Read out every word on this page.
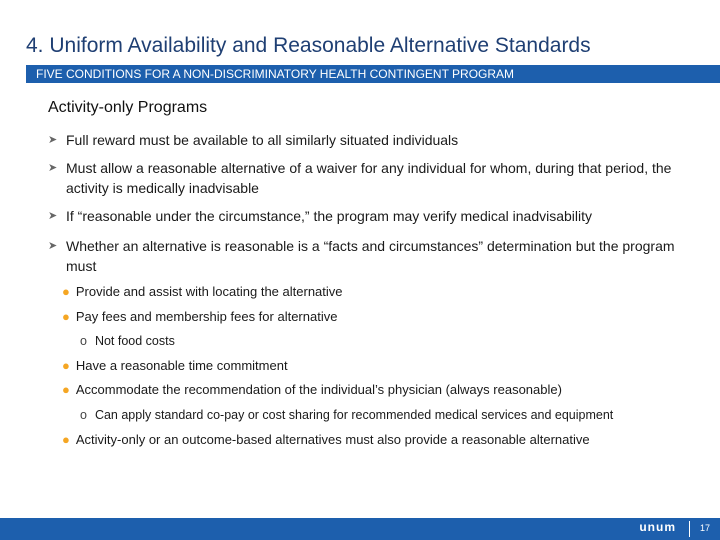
4. Uniform Availability and Reasonable Alternative Standards
FIVE CONDITIONS FOR A NON-DISCRIMINATORY HEALTH CONTINGENT PROGRAM
Activity-only Programs
➤ Full reward must be available to all similarly situated individuals
➤ Must allow a reasonable alternative of a waiver for any individual for whom, during that period, the activity is medically inadvisable
➤ If “reasonable under the circumstance,” the program may verify medical inadvisability
➤ Whether an alternative is reasonable is a “facts and circumstances” determination but the program must
● Provide and assist with locating the alternative
● Pay fees and membership fees for alternative
o Not food costs
● Have a reasonable time commitment
● Accommodate the recommendation of the individual’s physician (always reasonable)
o Can apply standard co-pay or cost sharing for recommended medical services and equipment
● Activity-only or an outcome-based alternatives must also provide a reasonable alternative
unum	17
